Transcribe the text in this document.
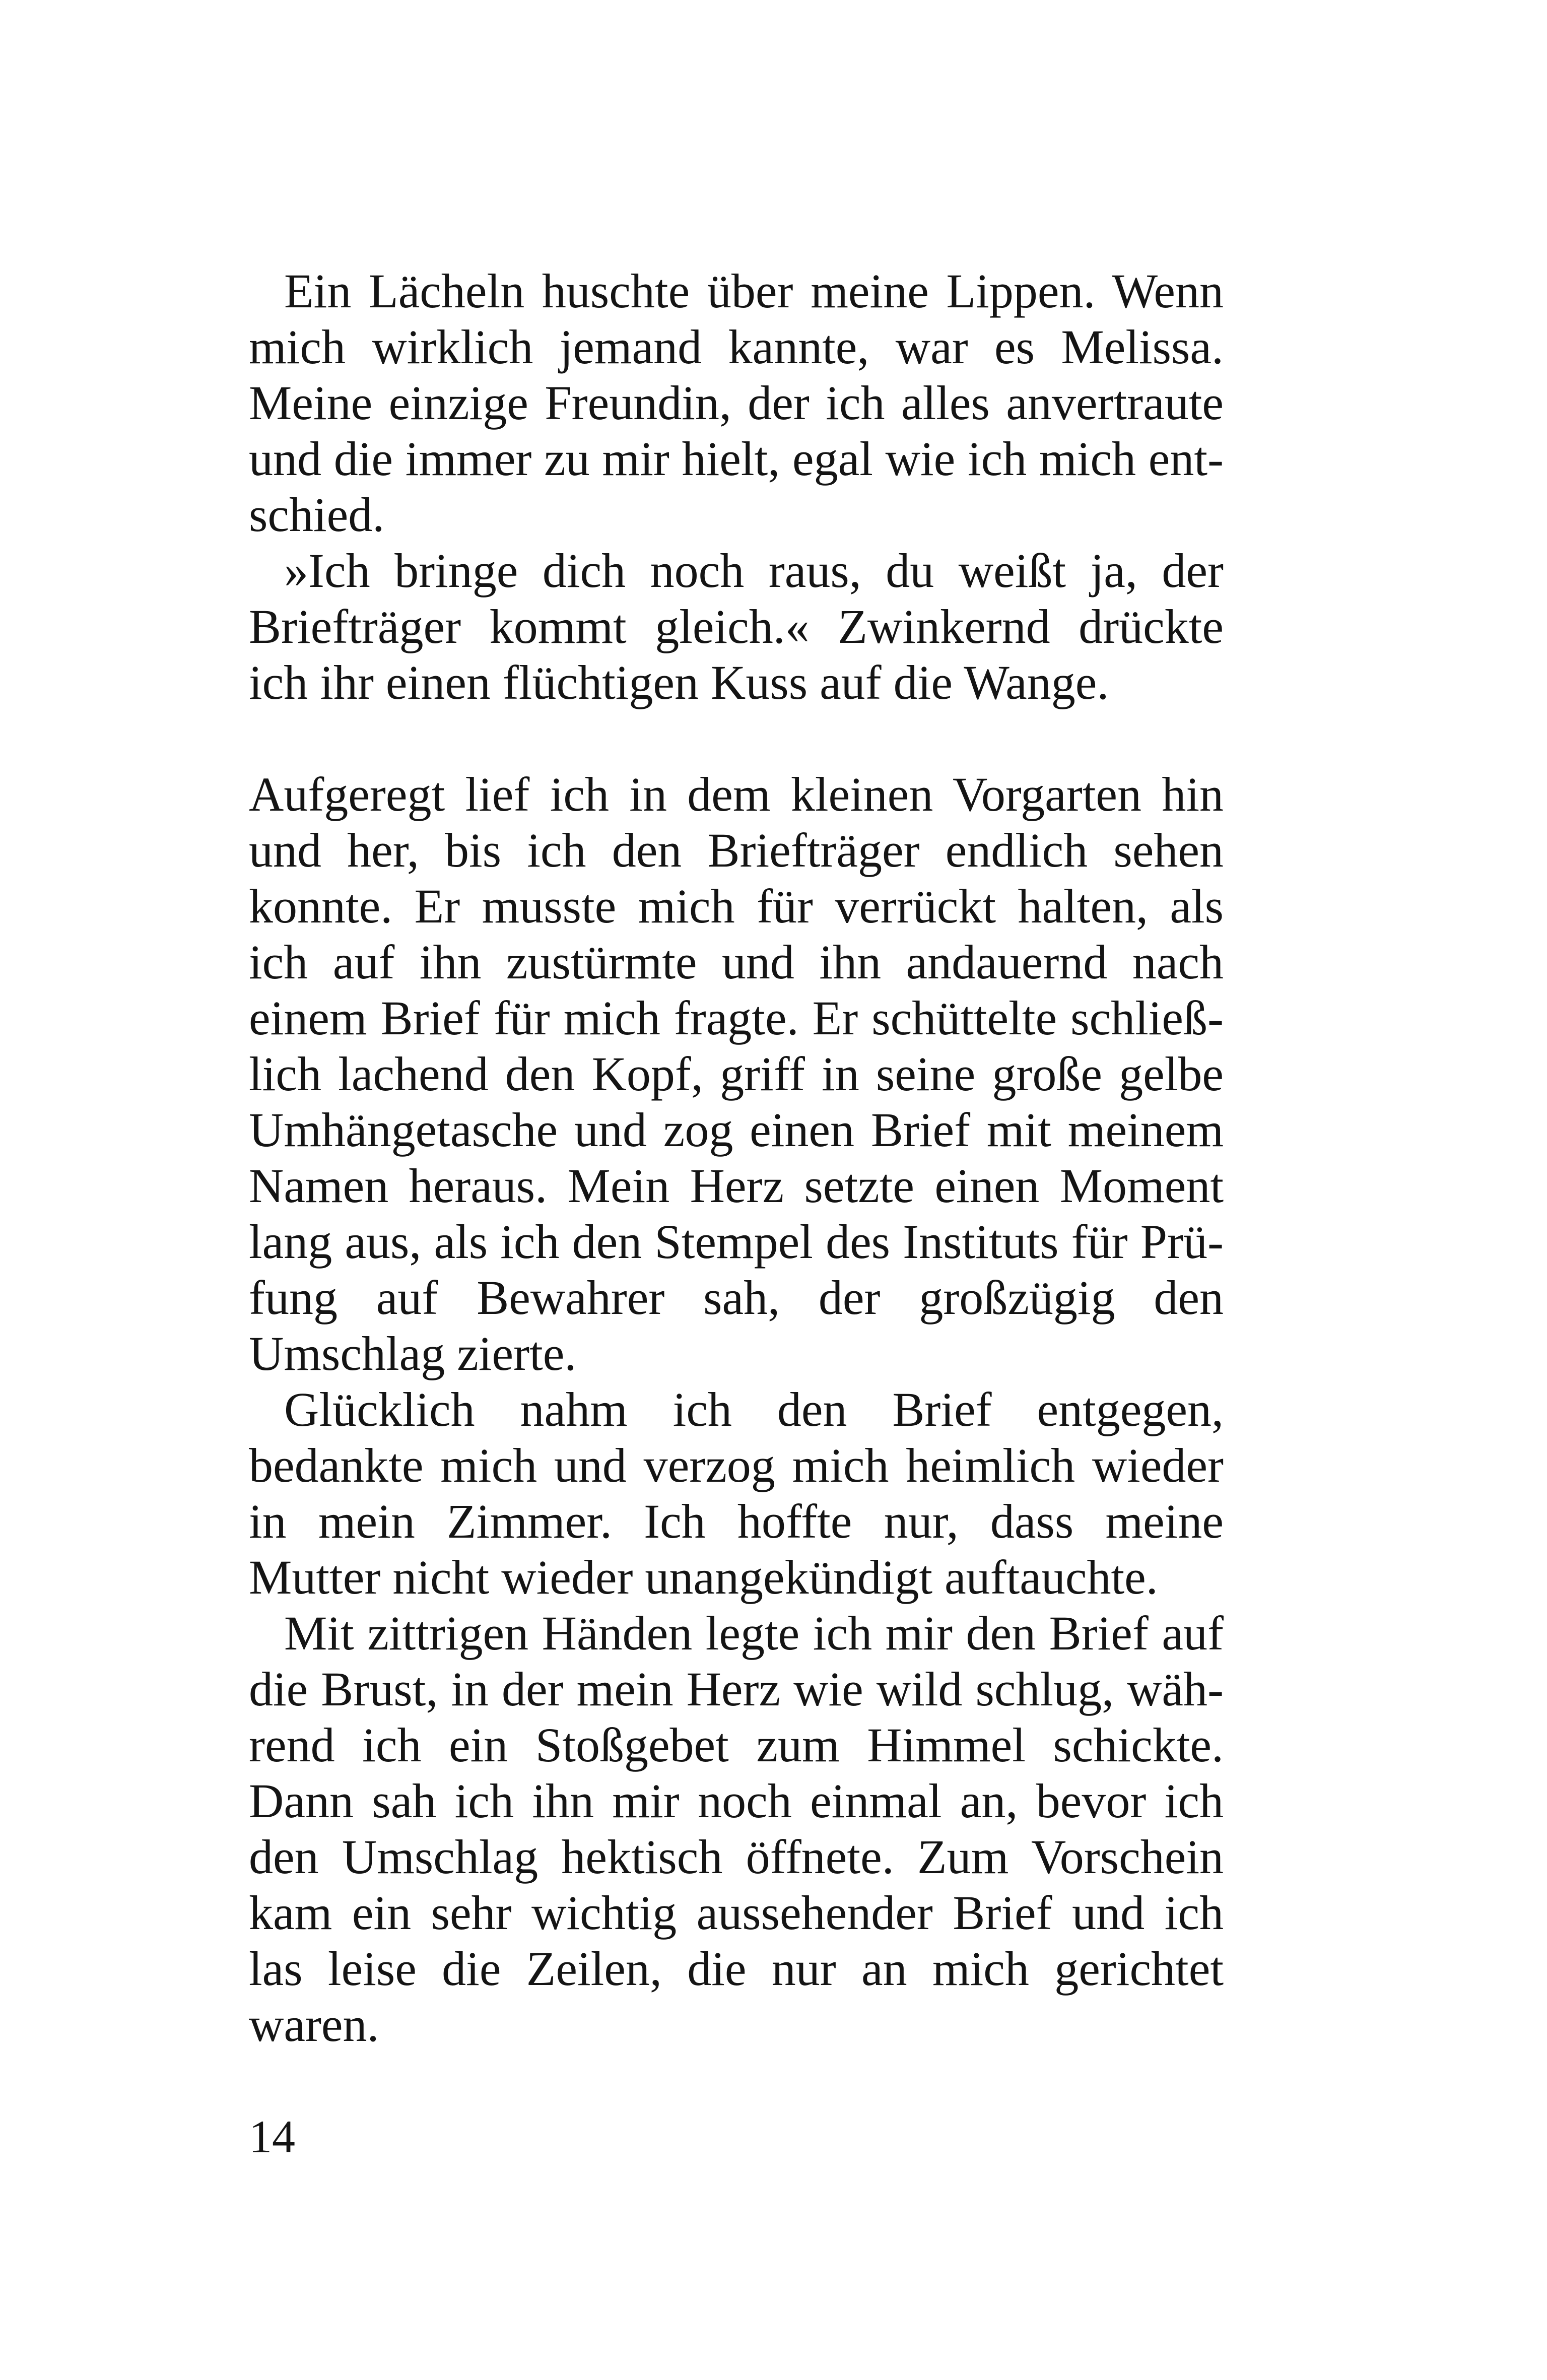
Ein Lächeln huschte über meine Lippen. Wenn mich wirklich jemand kannte, war es Melissa. Meine einzige Freundin, der ich alles anvertraute und die immer zu mir hielt, egal wie ich mich entschied.

»Ich bringe dich noch raus, du weißt ja, der Briefträger kommt gleich.« Zwinkernd drückte ich ihr einen flüchtigen Kuss auf die Wange.

Aufgeregt lief ich in dem kleinen Vorgarten hin und her, bis ich den Briefträger endlich sehen konnte. Er musste mich für verrückt halten, als ich auf ihn zustürmte und ihn andauernd nach einem Brief für mich fragte. Er schüttelte schließlich lachend den Kopf, griff in seine große gelbe Umhängetasche und zog einen Brief mit meinem Namen heraus. Mein Herz setzte einen Moment lang aus, als ich den Stempel des Instituts für Prüfung auf Bewahrer sah, der großzügig den Umschlag zierte.

Glücklich nahm ich den Brief entgegen, bedankte mich und verzog mich heimlich wieder in mein Zimmer. Ich hoffte nur, dass meine Mutter nicht wieder unangekündigt auftauchte.

Mit zittrigen Händen legte ich mir den Brief auf die Brust, in der mein Herz wie wild schlug, während ich ein Stoßgebet zum Himmel schickte. Dann sah ich ihn mir noch einmal an, bevor ich den Umschlag hektisch öffnete. Zum Vorschein kam ein sehr wichtig aussehender Brief und ich las leise die Zeilen, die nur an mich gerichtet waren.

14
